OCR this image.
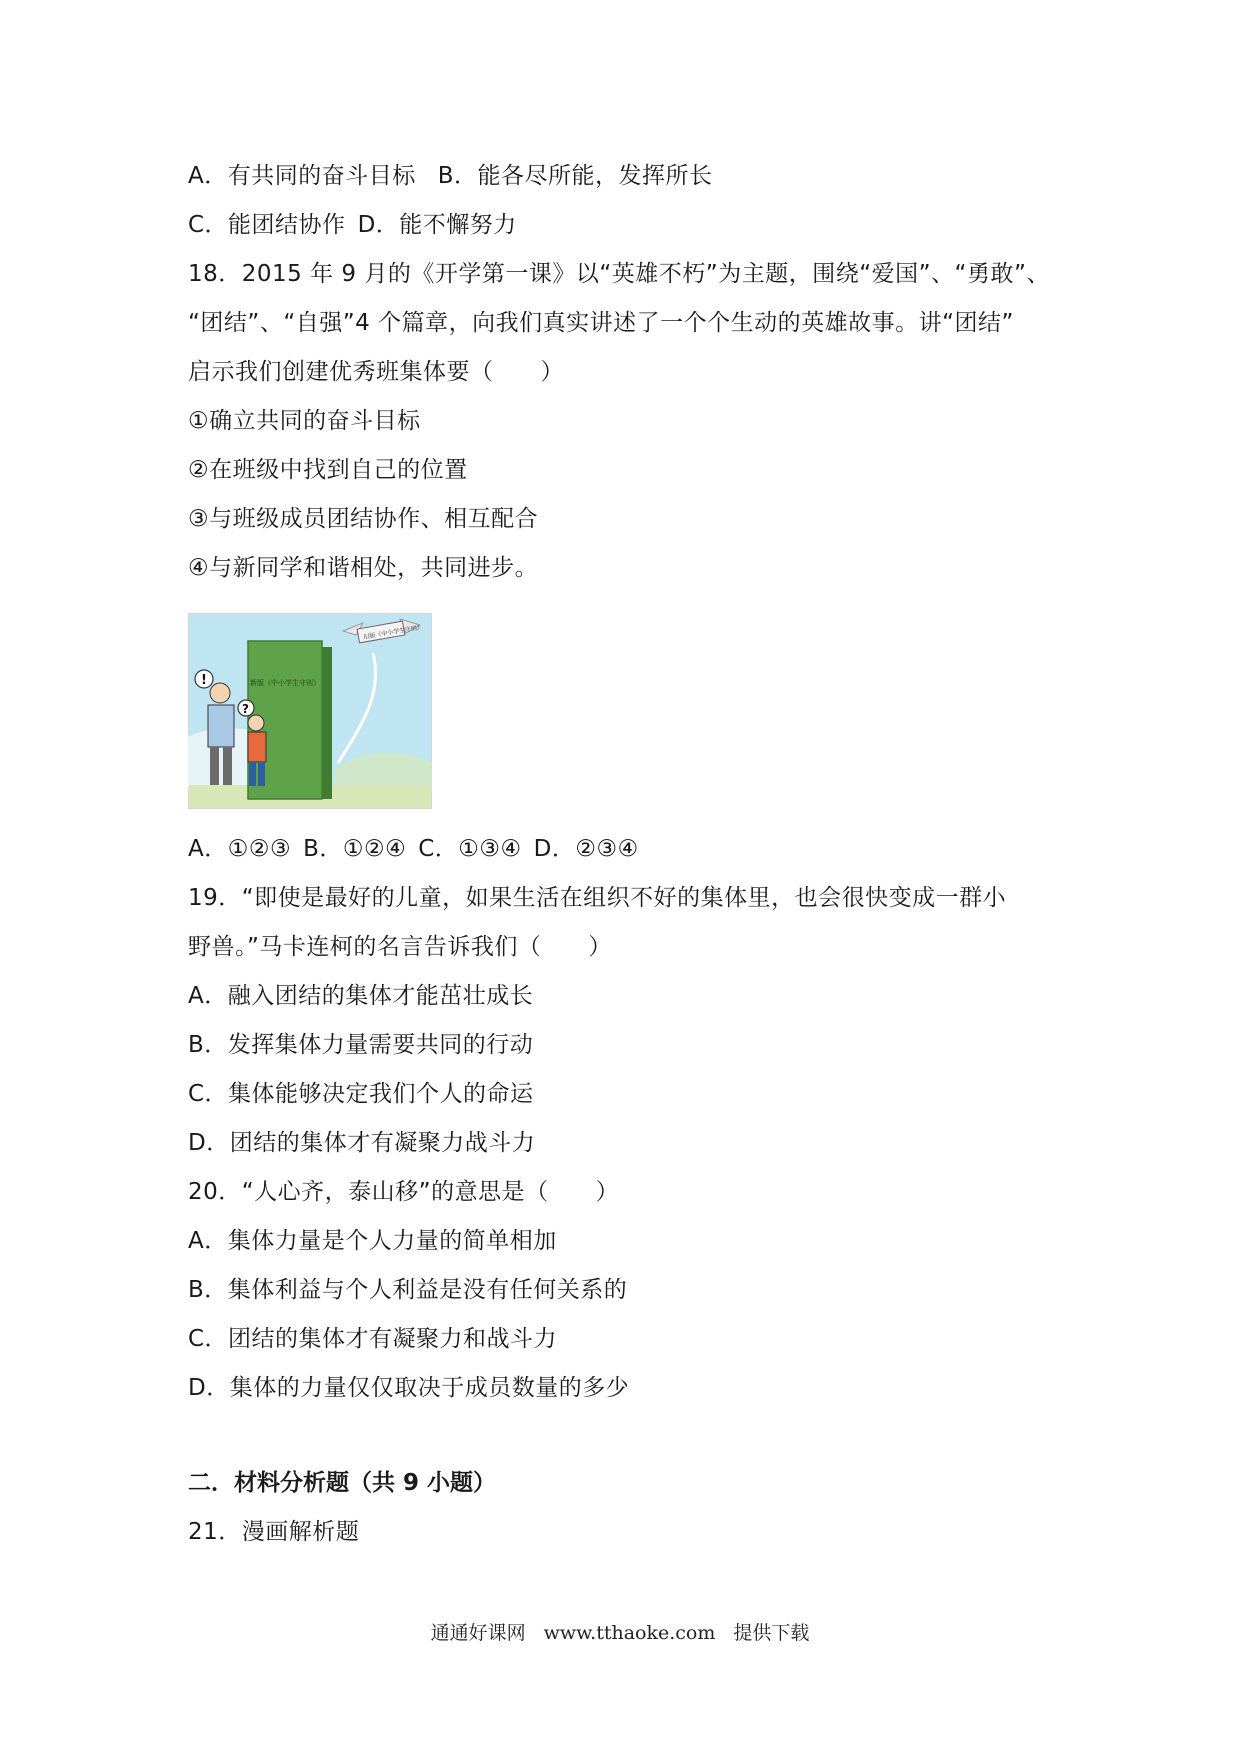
A．有共同的奋斗目标 B．能各尽所能，发挥所长
C．能团结协作 D．能不懈努力
18．2015 年 9 月的《开学第一课》以“英雄不朽”为主题，围绕“爱国”、“勇敢”、
“团结”、“自强”4 个篇章，向我们真实讲述了一个个生动的英雄故事。讲“团结”
启示我们创建优秀班集体要（　　）
①确立共同的奋斗目标
②在班级中找到自己的位置
③与班级成员团结协作、相互配合
④与新同学和谐相处，共同进步。
旧版《中小学生守则》
新版《中小学生守则》
!
?
A．①②③ B．①②④ C．①③④ D．②③④
19．“即使是最好的儿童，如果生活在组织不好的集体里，也会很快变成一群小
野兽。”马卡连柯的名言告诉我们（　　）
A．融入团结的集体才能茁壮成长
B．发挥集体力量需要共同的行动
C．集体能够决定我们个人的命运
D．团结的集体才有凝聚力战斗力
20．“人心齐，泰山移”的意思是（　　）
A．集体力量是个人力量的简单相加
B．集体利益与个人利益是没有任何关系的
C．团结的集体才有凝聚力和战斗力
D．集体的力量仅仅取决于成员数量的多少
二．材料分析题（共 9 小题）
21．漫画解析题
通通好课网 www.tthaoke.com 提供下载
